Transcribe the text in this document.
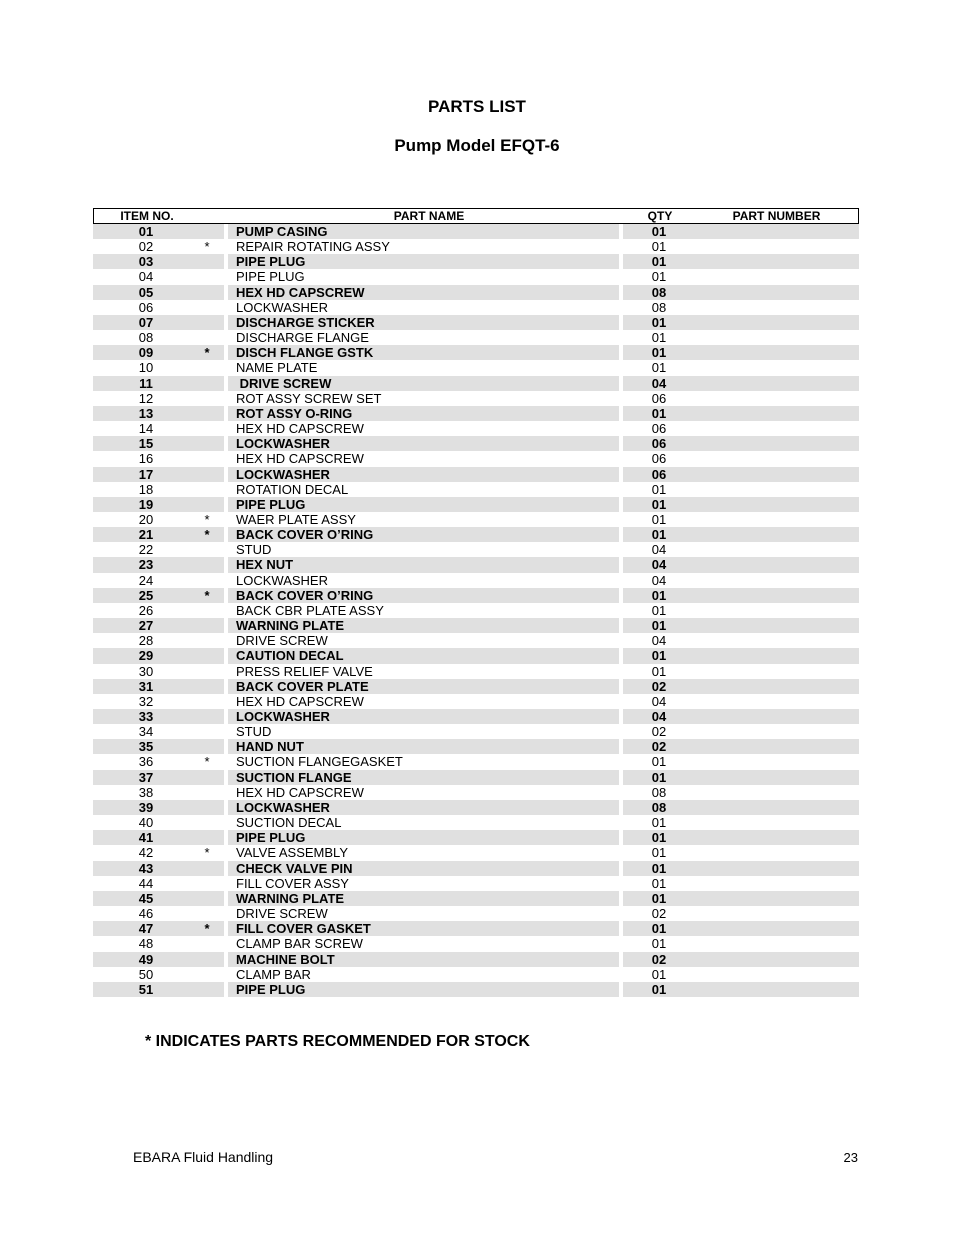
PARTS LIST
Pump Model EFQT-6
ITEM NO.	PART NAME	QTY	PART NUMBER
01	PUMP CASING	01
02	* REPAIR ROTATING ASSY	01
03	PIPE PLUG	01
04	PIPE PLUG	01
05	HEX HD CAPSCREW	08
06	LOCKWASHER	08
07	DISCHARGE STICKER	01
08	DISCHARGE FLANGE	01
09	* DISCH FLANGE GSTK	01
10	NAME PLATE	01
11	DRIVE SCREW	04
12	ROT ASSY SCREW SET	06
13	ROT ASSY O-RING	01
14	HEX HD CAPSCREW	06
15	LOCKWASHER	06
16	HEX HD CAPSCREW	06
17	LOCKWASHER	06
18	ROTATION DECAL	01
19	PIPE PLUG	01
20	* WAER PLATE ASSY	01
21	* BACK COVER O’RING	01
22	STUD	04
23	HEX NUT	04
24	LOCKWASHER	04
25	* BACK COVER O’RING	01
26	BACK CBR PLATE ASSY	01
27	WARNING PLATE	01
28	DRIVE SCREW	04
29	CAUTION DECAL	01
30	PRESS RELIEF VALVE	01
31	BACK COVER PLATE	02
32	HEX HD CAPSCREW	04
33	LOCKWASHER	04
34	STUD	02
35	HAND NUT	02
36	* SUCTION FLANGEGASKET	01
37	SUCTION FLANGE	01
38	HEX HD CAPSCREW	08
39	LOCKWASHER	08
40	SUCTION DECAL	01
41	PIPE PLUG	01
42	* VALVE ASSEMBLY	01
43	CHECK VALVE PIN	01
44	FILL COVER ASSY	01
45	WARNING PLATE	01
46	DRIVE SCREW	02
47	* FILL COVER GASKET	01
48	CLAMP BAR SCREW	01
49	MACHINE BOLT	02
50	CLAMP BAR	01
51	PIPE PLUG	01
* INDICATES PARTS RECOMMENDED FOR STOCK
EBARA Fluid Handling	23
